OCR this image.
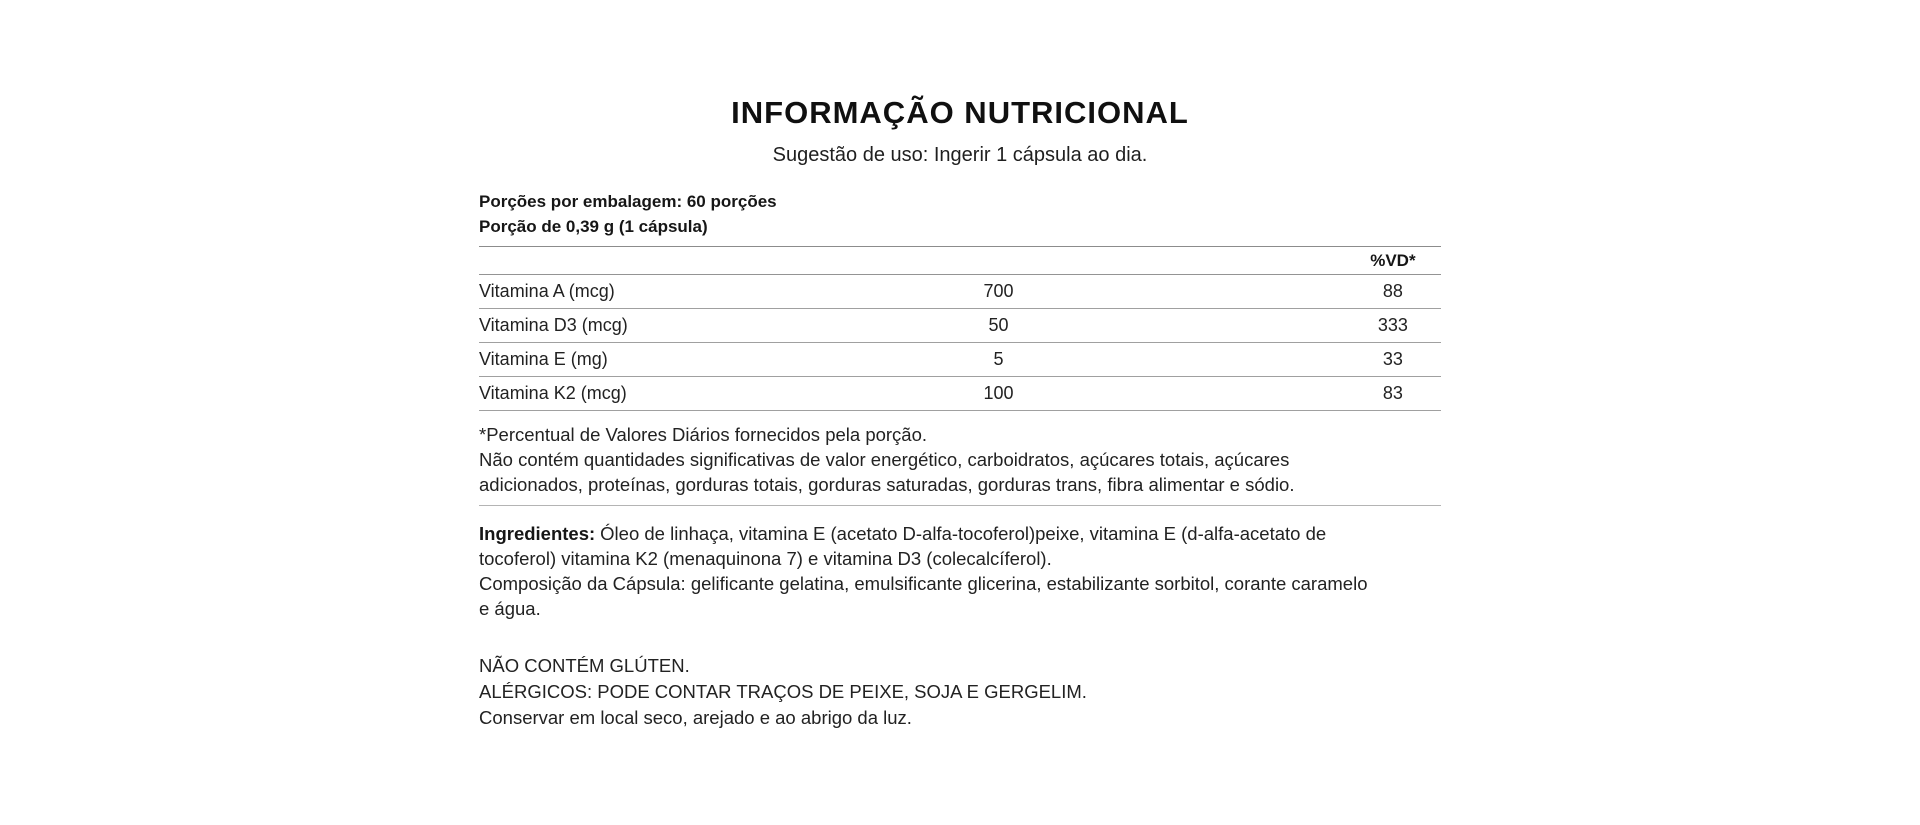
INFORMAÇÃO NUTRICIONAL

Sugestão de uso: Ingerir 1 cápsula ao dia.

Porções por embalagem: 60 porções
Porção de 0,39 g (1 cápsula)
		%VD*
Vitamina A (mcg)	700	88
Vitamina D3 (mcg)	50	333
Vitamina E (mg)	5	33
Vitamina K2 (mcg)	100	83
*Percentual de Valores Diários fornecidos pela porção.
Não contém quantidades significativas de valor energético, carboidratos, açúcares totais, açúcares
adicionados, proteínas, gorduras totais, gorduras saturadas, gorduras trans, fibra alimentar e sódio.
Ingredientes: Óleo de linhaça, vitamina E (acetato D-alfa-tocoferol)peixe, vitamina E (d-alfa-acetato de
tocoferol) vitamina K2 (menaquinona 7) e vitamina D3 (colecalcíferol).
Composição da Cápsula: gelificante gelatina, emulsificante glicerina, estabilizante sorbitol, corante caramelo
e água.
NÃO CONTÉM GLÚTEN.
ALÉRGICOS: PODE CONTAR TRAÇOS DE PEIXE, SOJA E GERGELIM.
Conservar em local seco, arejado e ao abrigo da luz.
